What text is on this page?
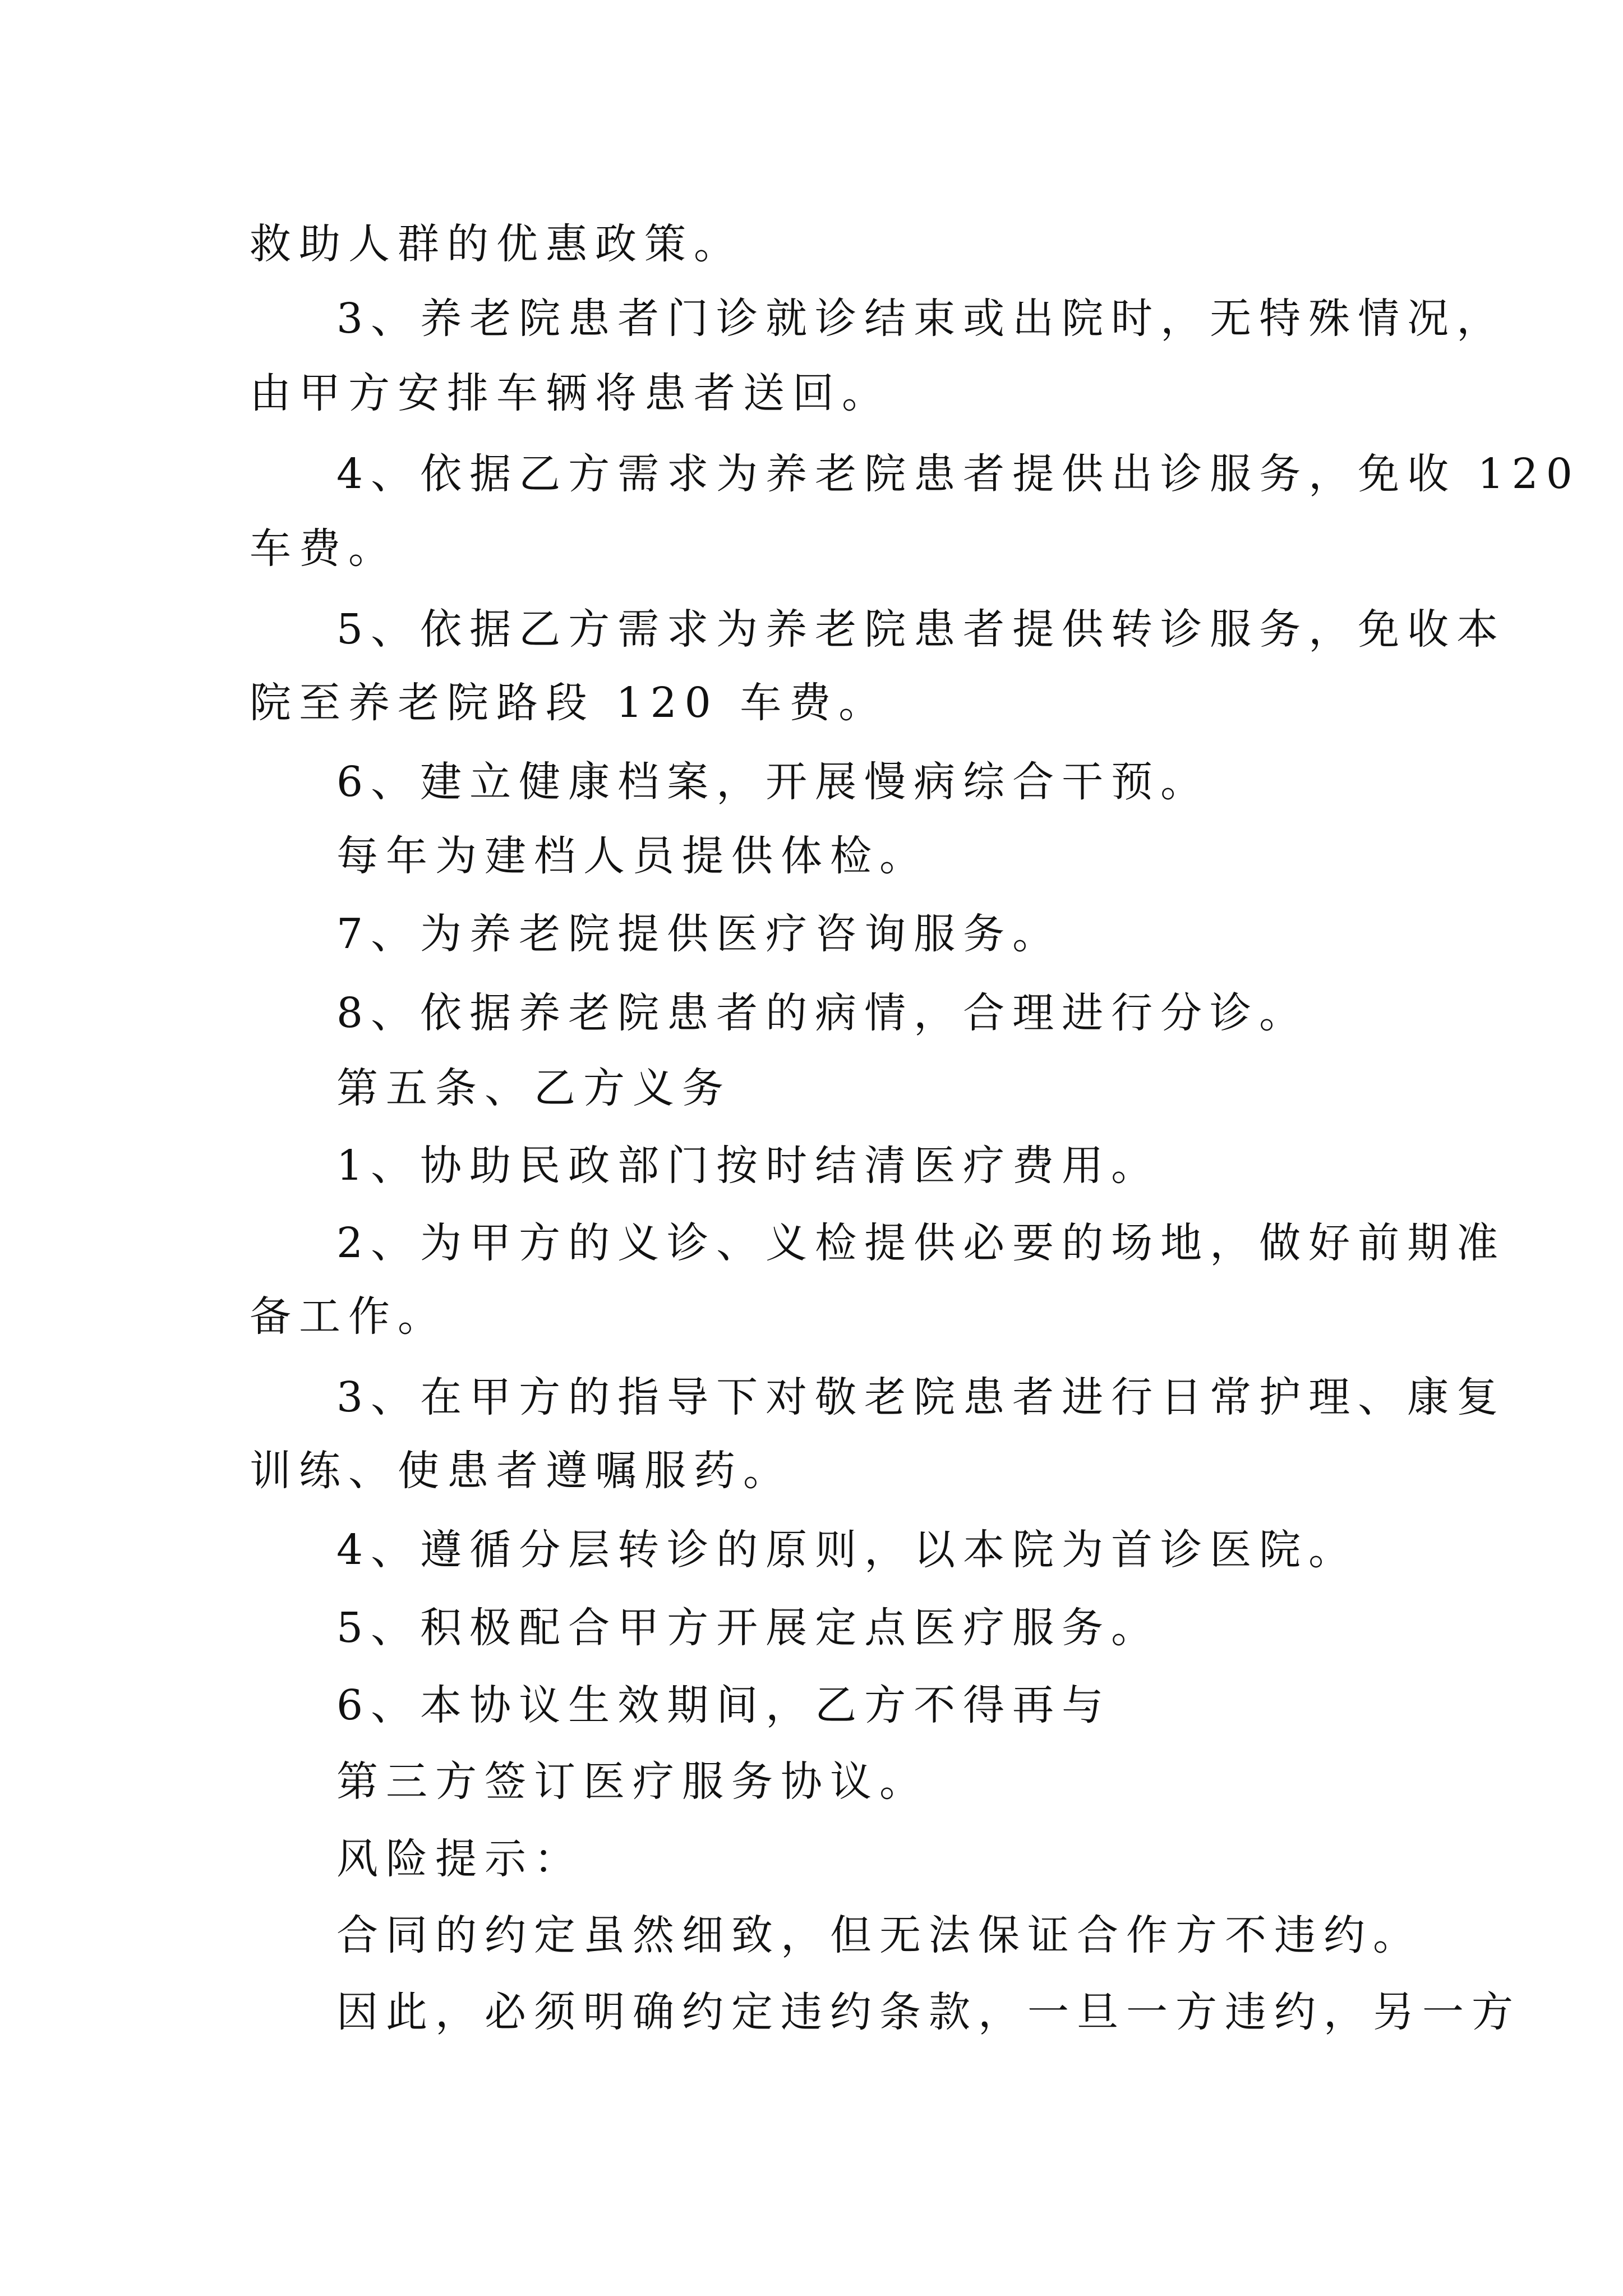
救助人群的优惠政策。
3、养老院患者门诊就诊结束或出院时，无特殊情况，
由甲方安排车辆将患者送回。
4、依据乙方需求为养老院患者提供出诊服务，免收 120
车费。
5、依据乙方需求为养老院患者提供转诊服务，免收本
院至养老院路段 120 车费。
6、建立健康档案，开展慢病综合干预。
每年为建档人员提供体检。
7、为养老院提供医疗咨询服务。
8、依据养老院患者的病情，合理进行分诊。
第五条、乙方义务
1、协助民政部门按时结清医疗费用。
2、为甲方的义诊、义检提供必要的场地，做好前期准
备工作。
3、在甲方的指导下对敬老院患者进行日常护理、康复
训练、使患者遵嘱服药。
4、遵循分层转诊的原则，以本院为首诊医院。
5、积极配合甲方开展定点医疗服务。
6、本协议生效期间，乙方不得再与
第三方签订医疗服务协议。
风险提示：
合同的约定虽然细致，但无法保证合作方不违约。
因此，必须明确约定违约条款，一旦一方违约，另一方
